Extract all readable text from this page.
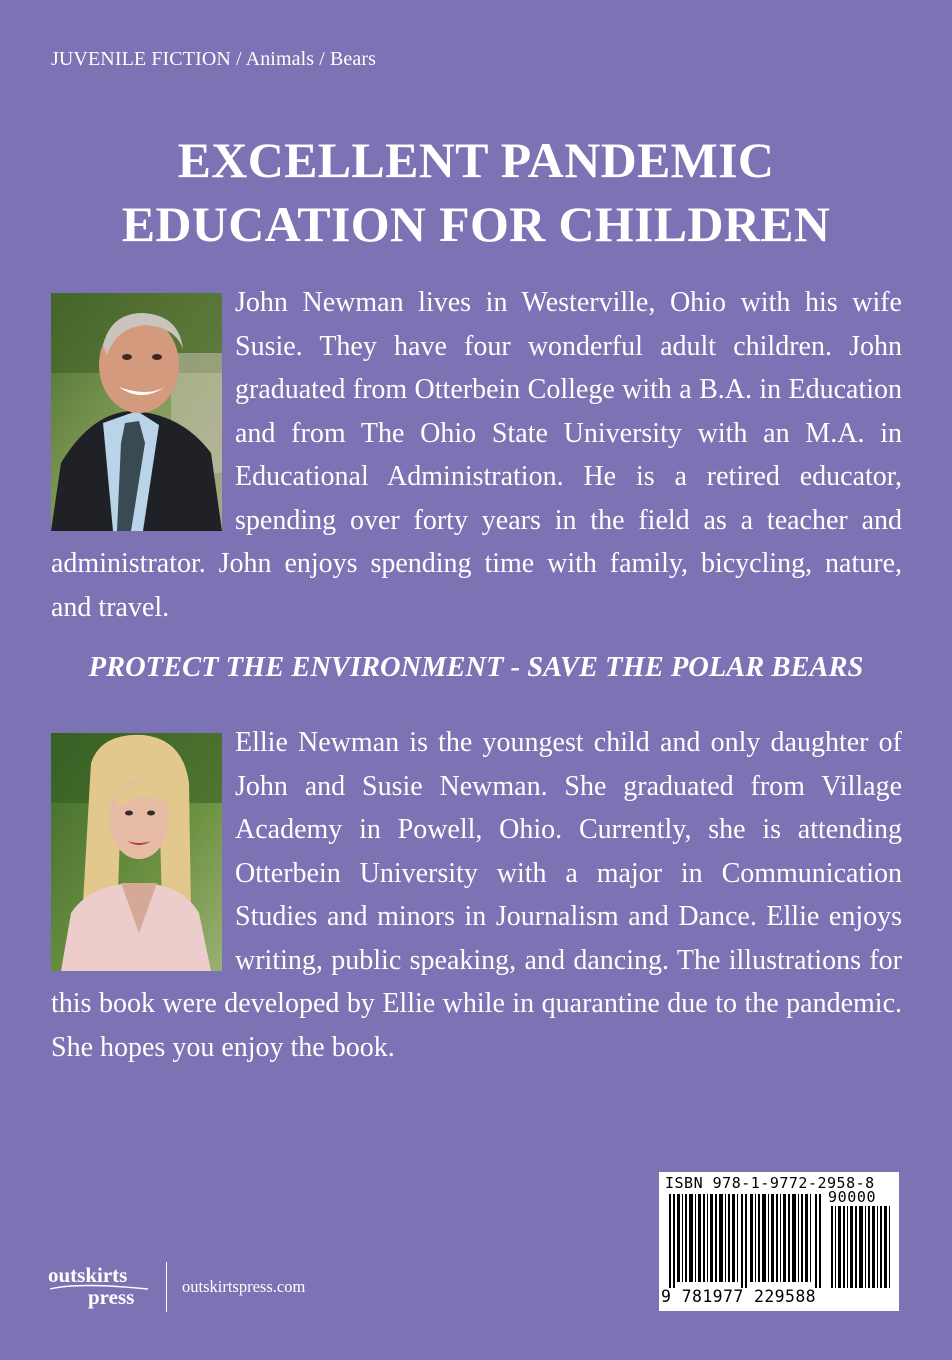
JUVENILE FICTION / Animals / Bears
EXCELLENT PANDEMIC
EDUCATION FOR CHILDREN
John Newman lives in Westerville, Ohio with his wife Susie. They have four wonderful adult children. John graduated from Otterbein College with a B.A. in Education and from The Ohio State University with an M.A. in Educational Administration. He is a retired educator, spending over forty years in the field as a teacher and administrator. John enjoys spending time with family, bicycling, nature, and travel.
PROTECT THE ENVIRONMENT - SAVE THE POLAR BEARS
Ellie Newman is the youngest child and only daughter of John and Susie Newman. She graduated from Village Academy in Powell, Ohio. Currently, she is attending Otterbein University with a major in Communication Studies and minors in Journalism and Dance. Ellie enjoys writing, public speaking, and dancing. The illustrations for this book were developed by Ellie while in quarantine due to the pandemic. She hopes you enjoy the book.
outskirts
press	outskirtspress.com
ISBN 978-1-9772-2958-8
90000
9 781977 229588
